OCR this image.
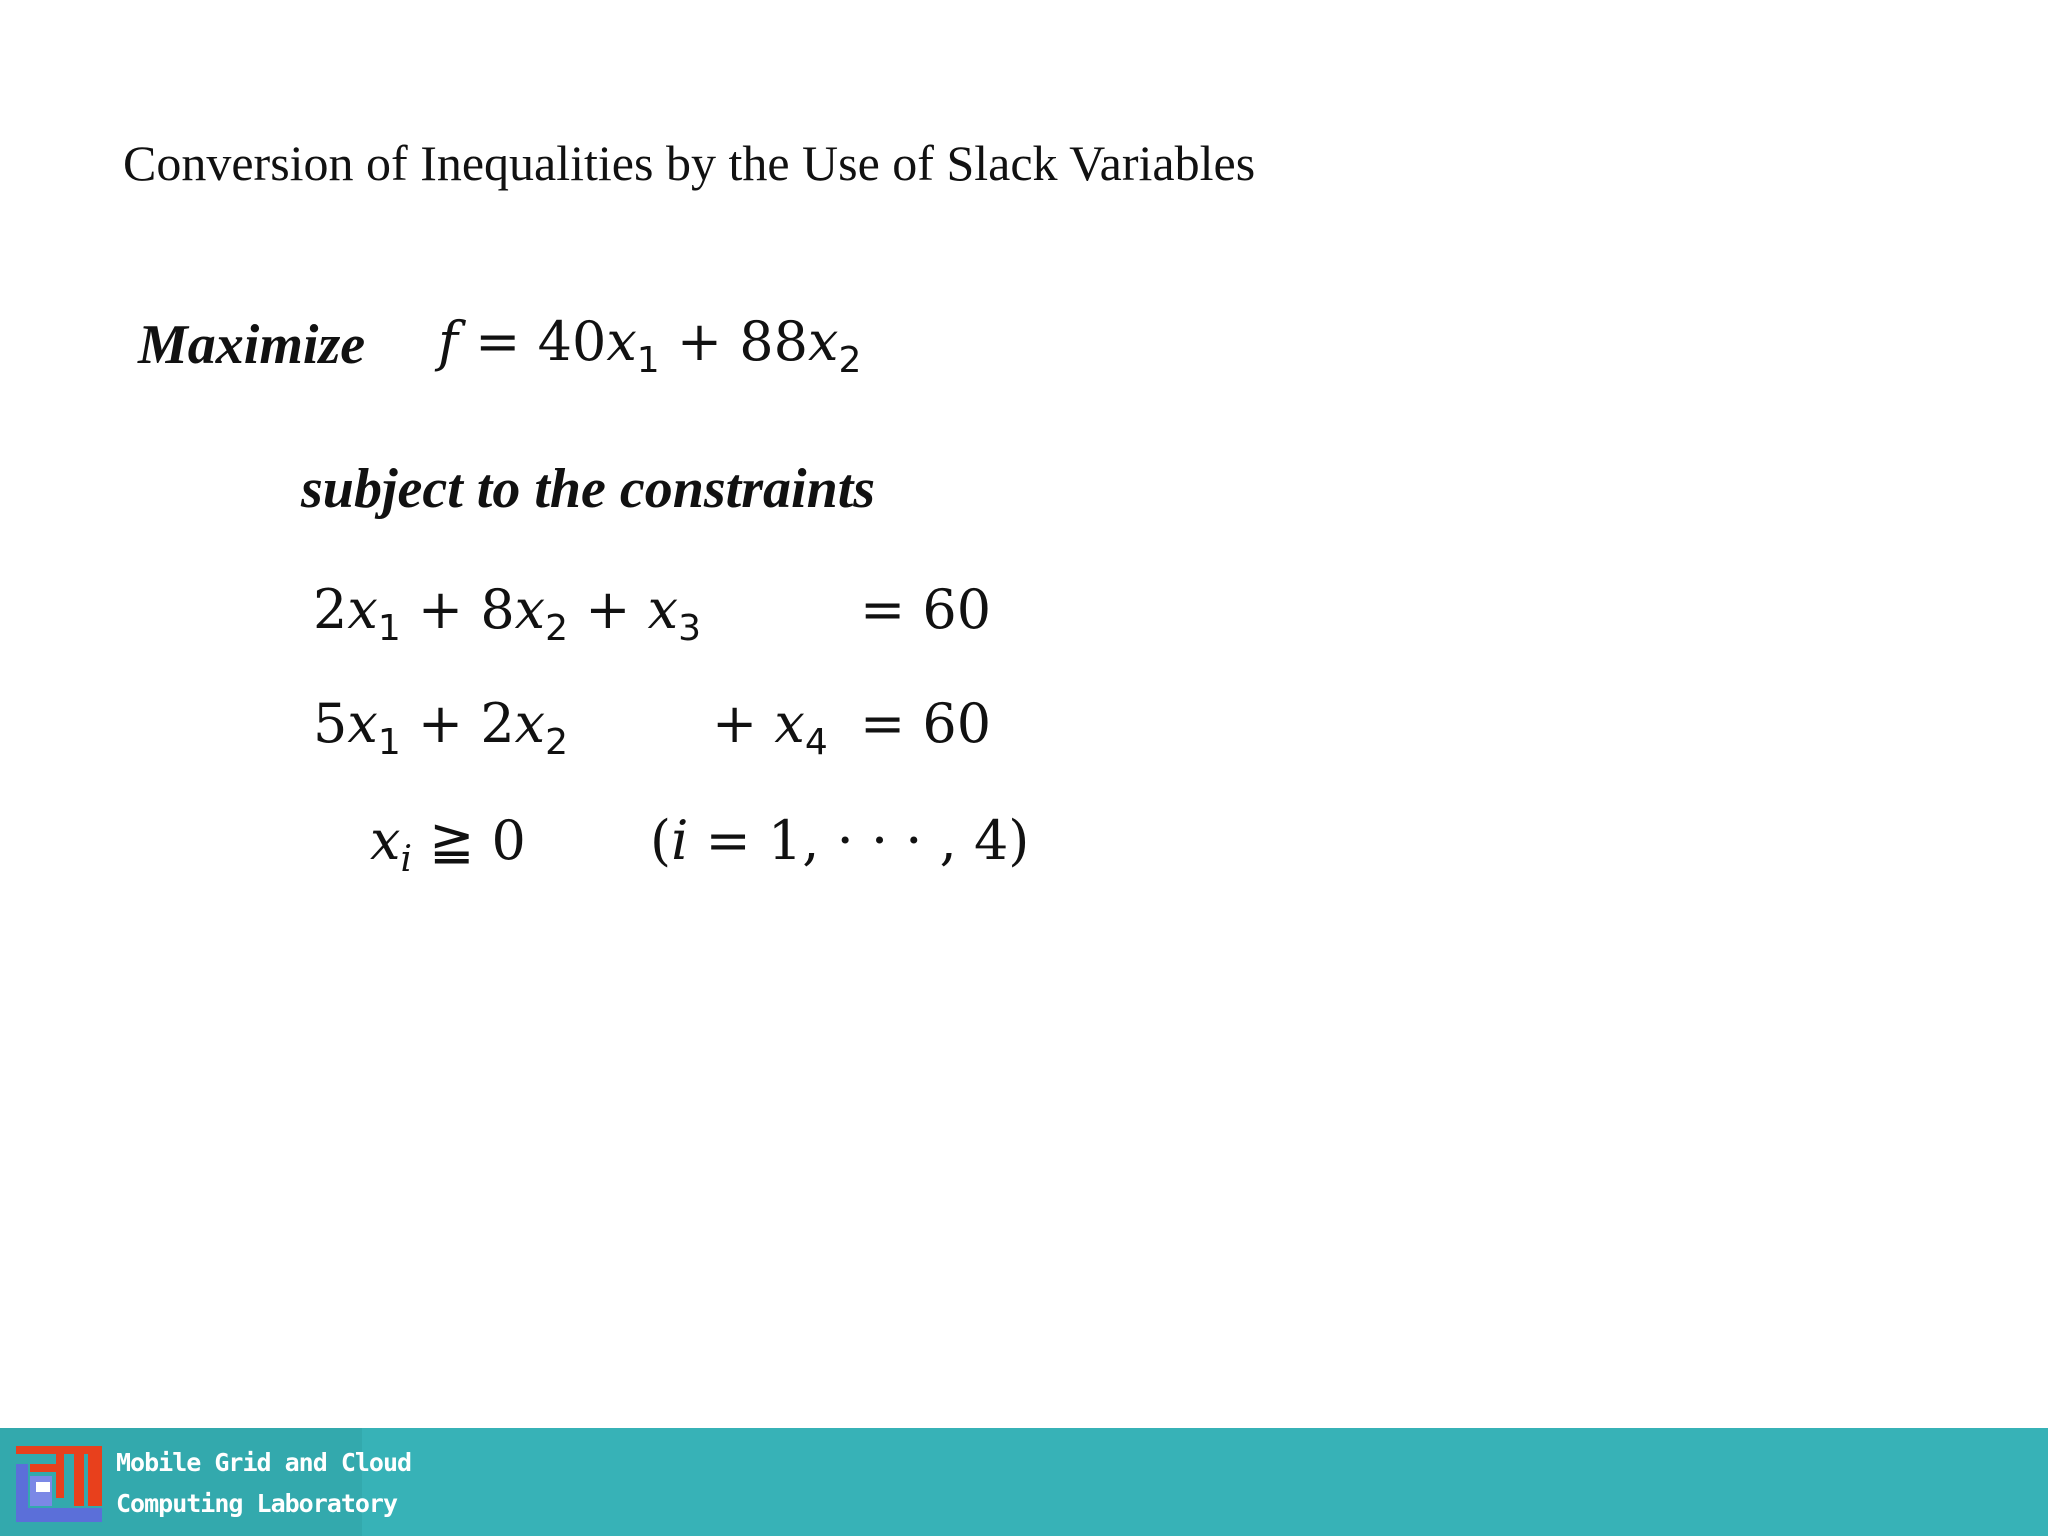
Conversion of Inequalities by the Use of Slack Variables
Maximize $f = 40x_1 + 88x_2$
subject to the constraints
$2x_1 + 8x_2 + x_3$	= 60
$5x_1 + 2x_2$	+ $x_4 = 60$
$x_i$ ≧ 0 (i = 1, · · · , 4)
Mobile Grid and Cloud
Computing Laboratory
